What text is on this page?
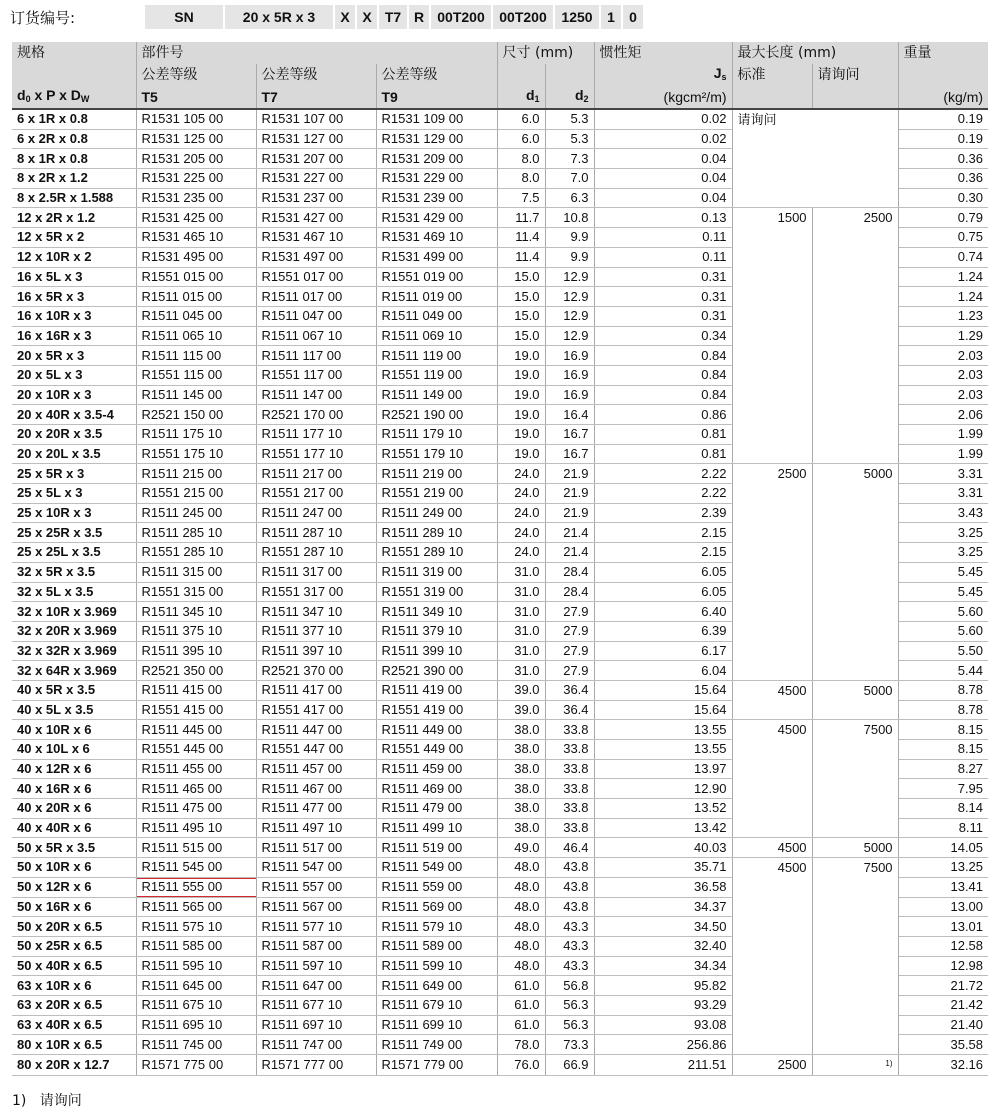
订货编号:	SN	20 x 5R x 3	X X T7 R 00T200	00T200	1250	1	0
规格	部件号			尺寸 (mm)		惯性矩	最大长度 (mm)		重量
	公差等级	公差等级	公差等级			$J_s$	标准	请询问	
$d_0$ x P x $D_W$	T5	T7	T9	$d_1$	$d_2$	(kgcm²/m)			(kg/m)
6 x 1R x 0.8	R1531 105 00	R1531 107 00	R1531 109 00	6.0	5.3	0.02	请询问		0.19
6 x 2R x 0.8	R1531 125 00	R1531 127 00	R1531 129 00	6.0	5.3	0.02			0.19
8 x 1R x 0.8	R1531 205 00	R1531 207 00	R1531 209 00	8.0	7.3	0.04			0.36
8 x 2R x 1.2	R1531 225 00	R1531 227 00	R1531 229 00	8.0	7.0	0.04			0.36
8 x 2.5R x 1.588	R1531 235 00	R1531 237 00	R1531 239 00	7.5	6.3	0.04			0.30
12 x 2R x 1.2	R1531 425 00	R1531 427 00	R1531 429 00	11.7	10.8	0.13	1500	2500	0.79
12 x 5R x 2	R1531 465 10	R1531 467 10	R1531 469 10	11.4	9.9	0.11			0.75
12 x 10R x 2	R1531 495 00	R1531 497 00	R1531 499 00	11.4	9.9	0.11			0.74
16 x 5L x 3	R1551 015 00	R1551 017 00	R1551 019 00	15.0	12.9	0.31			1.24
16 x 5R x 3	R1511 015 00	R1511 017 00	R1511 019 00	15.0	12.9	0.31			1.24
16 x 10R x 3	R1511 045 00	R1511 047 00	R1511 049 00	15.0	12.9	0.31			1.23
16 x 16R x 3	R1511 065 10	R1511 067 10	R1511 069 10	15.0	12.9	0.34			1.29
20 x 5R x 3	R1511 115 00	R1511 117 00	R1511 119 00	19.0	16.9	0.84			2.03
20 x 5L x 3	R1551 115 00	R1551 117 00	R1551 119 00	19.0	16.9	0.84			2.03
20 x 10R x 3	R1511 145 00	R1511 147 00	R1511 149 00	19.0	16.9	0.84			2.03
20 x 40R x 3.5-4	R2521 150 00	R2521 170 00	R2521 190 00	19.0	16.4	0.86			2.06
20 x 20R x 3.5	R1511 175 10	R1511 177 10	R1511 179 10	19.0	16.7	0.81			1.99
20 x 20L x 3.5	R1551 175 10	R1551 177 10	R1551 179 10	19.0	16.7	0.81			1.99
25 x 5R x 3	R1511 215 00	R1511 217 00	R1511 219 00	24.0	21.9	2.22	2500	5000	3.31
25 x 5L x 3	R1551 215 00	R1551 217 00	R1551 219 00	24.0	21.9	2.22			3.31
25 x 10R x 3	R1511 245 00	R1511 247 00	R1511 249 00	24.0	21.9	2.39			3.43
25 x 25R x 3.5	R1511 285 10	R1511 287 10	R1511 289 10	24.0	21.4	2.15			3.25
25 x 25L x 3.5	R1551 285 10	R1551 287 10	R1551 289 10	24.0	21.4	2.15			3.25
32 x 5R x 3.5	R1511 315 00	R1511 317 00	R1511 319 00	31.0	28.4	6.05			5.45
32 x 5L x 3.5	R1551 315 00	R1551 317 00	R1551 319 00	31.0	28.4	6.05			5.45
32 x 10R x 3.969	R1511 345 10	R1511 347 10	R1511 349 10	31.0	27.9	6.40			5.60
32 x 20R x 3.969	R1511 375 10	R1511 377 10	R1511 379 10	31.0	27.9	6.39			5.60
32 x 32R x 3.969	R1511 395 10	R1511 397 10	R1511 399 10	31.0	27.9	6.17			5.50
32 x 64R x 3.969	R2521 350 00	R2521 370 00	R2521 390 00	31.0	27.9	6.04			5.44
40 x 5R x 3.5	R1511 415 00	R1511 417 00	R1511 419 00	39.0	36.4	15.64	4500	5000	8.78
40 x 5L x 3.5	R1551 415 00	R1551 417 00	R1551 419 00	39.0	36.4	15.64			8.78
40 x 10R x 6	R1511 445 00	R1511 447 00	R1511 449 00	38.0	33.8	13.55	4500	7500	8.15
40 x 10L x 6	R1551 445 00	R1551 447 00	R1551 449 00	38.0	33.8	13.55			8.15
40 x 12R x 6	R1511 455 00	R1511 457 00	R1511 459 00	38.0	33.8	13.97			8.27
40 x 16R x 6	R1511 465 00	R1511 467 00	R1511 469 00	38.0	33.8	12.90			7.95
40 x 20R x 6	R1511 475 00	R1511 477 00	R1511 479 00	38.0	33.8	13.52			8.14
40 x 40R x 6	R1511 495 10	R1511 497 10	R1511 499 10	38.0	33.8	13.42			8.11
50 x 5R x 3.5	R1511 515 00	R1511 517 00	R1511 519 00	49.0	46.4	40.03	4500	5000	14.05
50 x 10R x 6	R1511 545 00	R1511 547 00	R1511 549 00	48.0	43.8	35.71	4500	7500	13.25
50 x 12R x 6	R1511 555 00	R1511 557 00	R1511 559 00	48.0	43.8	36.58			13.41
50 x 16R x 6	R1511 565 00	R1511 567 00	R1511 569 00	48.0	43.8	34.37			13.00
50 x 20R x 6.5	R1511 575 10	R1511 577 10	R1511 579 10	48.0	43.3	34.50			13.01
50 x 25R x 6.5	R1511 585 00	R1511 587 00	R1511 589 00	48.0	43.3	32.40			12.58
50 x 40R x 6.5	R1511 595 10	R1511 597 10	R1511 599 10	48.0	43.3	34.34			12.98
63 x 10R x 6	R1511 645 00	R1511 647 00	R1511 649 00	61.0	56.8	95.82			21.72
63 x 20R x 6.5	R1511 675 10	R1511 677 10	R1511 679 10	61.0	56.3	93.29			21.42
63 x 40R x 6.5	R1511 695 10	R1511 697 10	R1511 699 10	61.0	56.3	93.08			21.40
80 x 10R x 6.5	R1511 745 00	R1511 747 00	R1511 749 00	78.0	73.3	256.86			35.58
80 x 20R x 12.7	R1571 775 00	R1571 777 00	R1571 779 00	76.0	66.9	211.51	2500	$^{1)}$	32.16
1) 请询问
